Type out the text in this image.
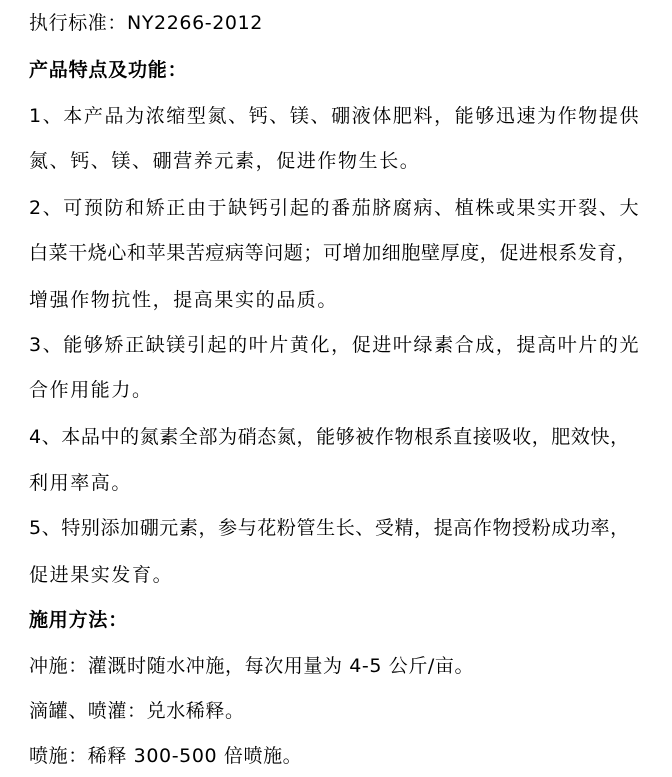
执行标准：NY2266-2012
产品特点及功能：
1、本产品为浓缩型氮、钙、镁、硼液体肥料，能够迅速为作物提供
氮、钙、镁、硼营养元素，促进作物生长。
2、可预防和矫正由于缺钙引起的番茄脐腐病、植株或果实开裂、大
白菜干烧心和苹果苦痘病等问题；可增加细胞壁厚度，促进根系发育，
增强作物抗性，提高果实的品质。
3、能够矫正缺镁引起的叶片黄化，促进叶绿素合成，提高叶片的光
合作用能力。
4、本品中的氮素全部为硝态氮，能够被作物根系直接吸收，肥效快，
利用率高。
5、特别添加硼元素，参与花粉管生长、受精，提高作物授粉成功率，
促进果实发育。
施用方法：
冲施：灌溉时随水冲施，每次用量为 4-5 公斤/亩。
滴罐、喷灌：兑水稀释。
喷施：稀释 300-500 倍喷施。
